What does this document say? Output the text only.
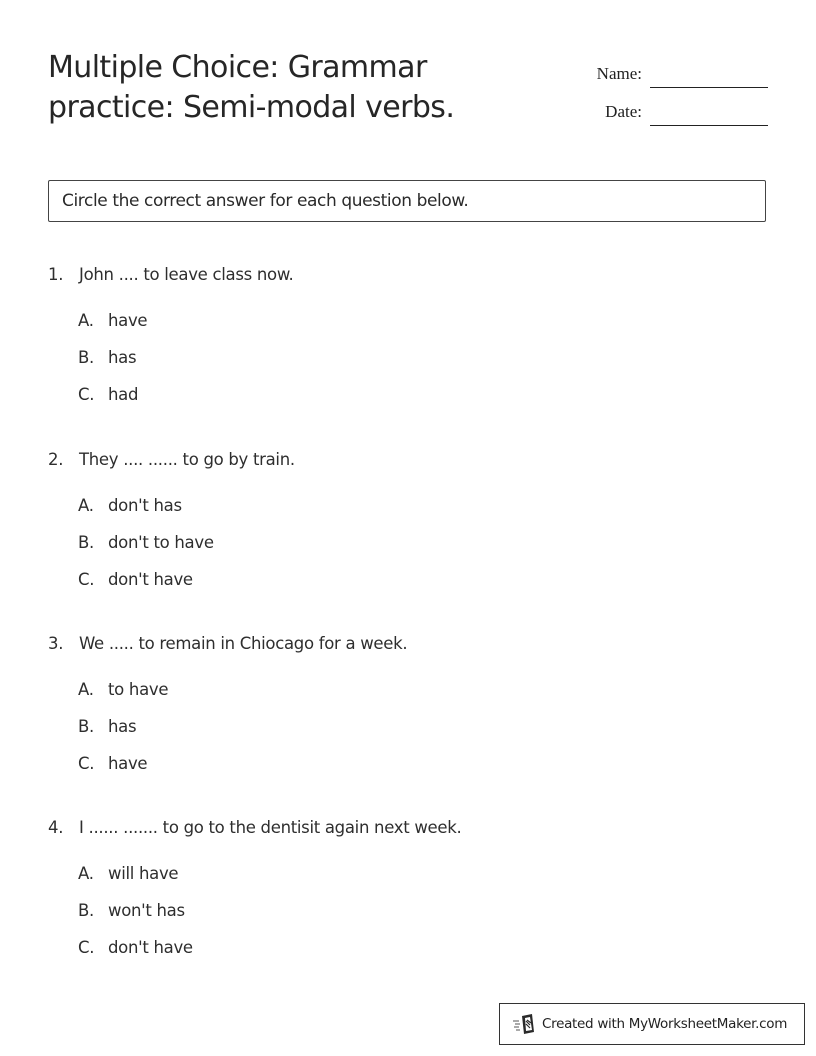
Multiple Choice: Grammar
practice: Semi-modal verbs.
Name:
Date:
Circle the correct answer for each question below.
1. John .... to leave class now.
A. have
B. has
C. had
2. They .... ...... to go by train.
A. don't has
B. don't to have
C. don't have
3. We ..... to remain in Chiocago for a week.
A. to have
B. has
C. have
4. I ...... ....... to go to the dentisit again next week.
A. will have
B. won't has
C. don't have
Created with MyWorksheetMaker.com
